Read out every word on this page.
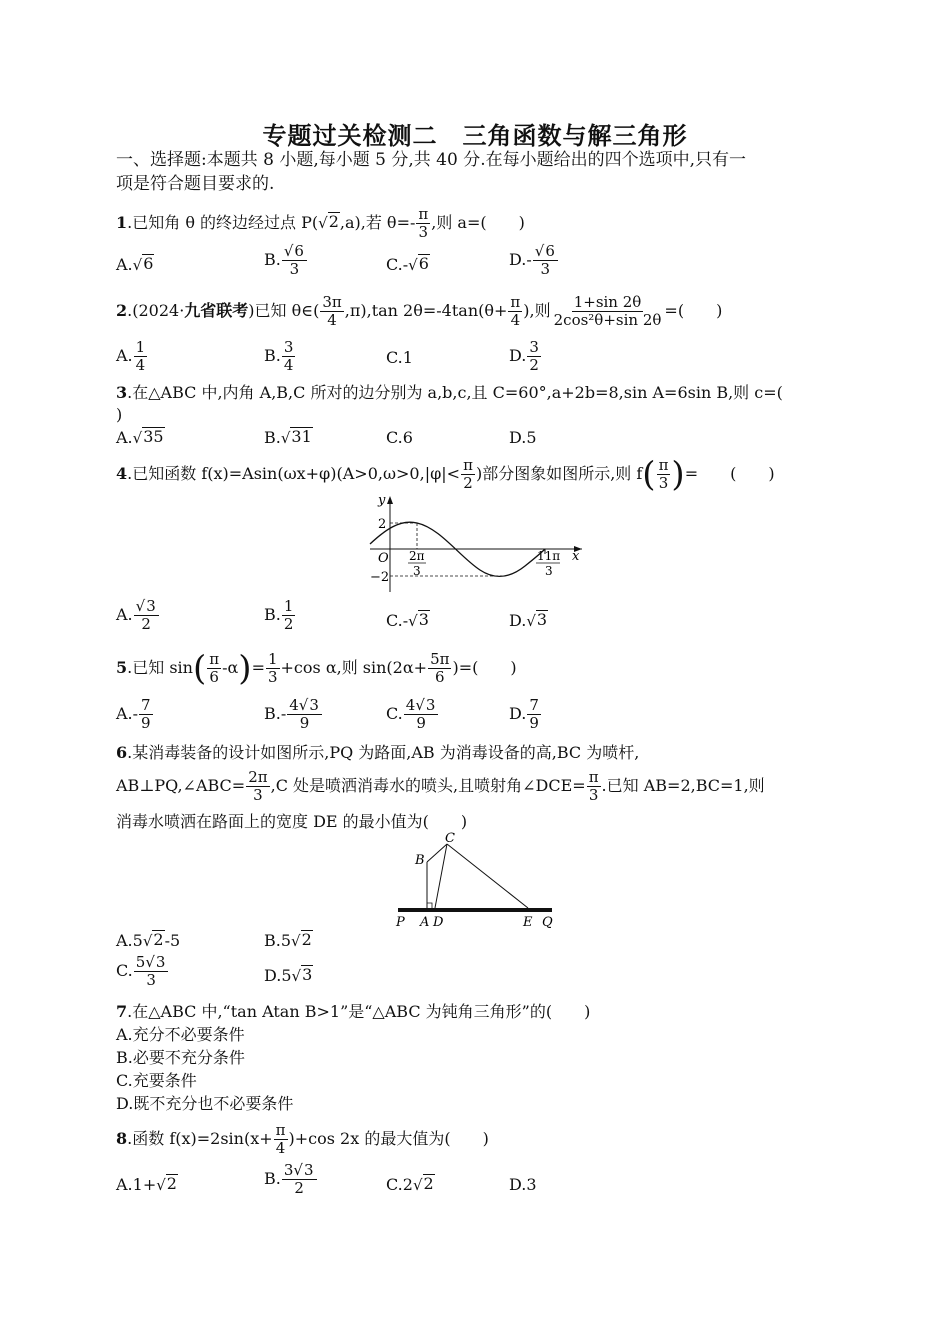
专题过关检测二　三角函数与解三角形
一、选择题:本题共 8 小题,每小题 5 分,共 40 分.在每小题给出的四个选项中,只有一
项是符合题目要求的.
1.已知角 θ 的终边经过点 P( √ 2 ,a),若 $\theta=- \frac{\pi}{3}$ ,则 a=(　　)
A. √ 6	B. $\frac{√ 6}{3}$	C.- √ 6	$D.- \frac{√ 6}{3}$
2.(2024·九省联考)已知 θ∈( $\frac{3\pi}{4} ,\pi),\tan$ $2\theta=-4\tan(\theta+ \frac{\pi}{4}$ ),则 $\frac{1+\sin 2\theta}{\text{2cos²θ+sin 2θ}}$ =(　　)
A. $\frac{1}{4}$	B. $\frac{3}{4}$	C.1	D. $\frac{3}{2}$
3.在△ABC 中,内角 A,B,C 所对的边分别为 a,b,c,且 C=60°,a+2b=8,sin A=6sin B,则 c=(
)
A. √ 35	B. √ 31	C.6	D.5
4.已知函数 $f(x)=Asin(\omega x+\varphi)(A>0,\omega>0,|\varphi|< \frac{\pi}{2}$ )部分图象如图所示,则 $f( \frac{\pi}{3}$ )=　　(　　)
y
x
O
2
−2
2π
3
11π
3
A. $\frac{√ 3}{2}$	B. $\frac{1}{2}$	C.- √ 3	D. √ 3
5.已知 $\sin( \frac{\pi}{6} -\alpha)= \frac{1}{3} +\cos$ α,则 $\sin(2\alpha+ \frac{5\pi}{6}$ )=(　　)
$A.- \frac{7}{9}$	$B.- \frac{4 √ 3}{9}$	C. $\frac{4 √ 3}{9}$	D. $\frac{7}{9}$
6.某消毒装备的设计如图所示,PQ 为路面,AB 为消毒设备的高,BC 为喷杆,
AB⊥PQ,∠ABC= $\frac{2\pi}{3} ,C$ 处是喷洒消毒水的喷头,且喷射角∠DCE= $\frac{\pi}{3}$ .已知 AB=2,BC=1,则
消毒水喷洒在路面上的宽度 DE 的最小值为(　　)
P A D	E Q
B
C
A.5 √ 2 -5	B.5 √ 2
C. $\frac{5 √ 3}{3}$	D.5 √ 3
7.在△ABC 中,“tan Atan B>1”是“△ABC 为钝角三角形”的(　　)
A.充分不必要条件
B.必要不充分条件
C.充要条件
D.既不充分也不必要条件
8.函数 $f(x)=2\sin(x+ \frac{\pi}{4} )+\cos$ 2x 的最大值为(　　)
A.1+ √ 2	B. $\frac{3 √ 3}{2}$	C.2 √ 2	D.3
